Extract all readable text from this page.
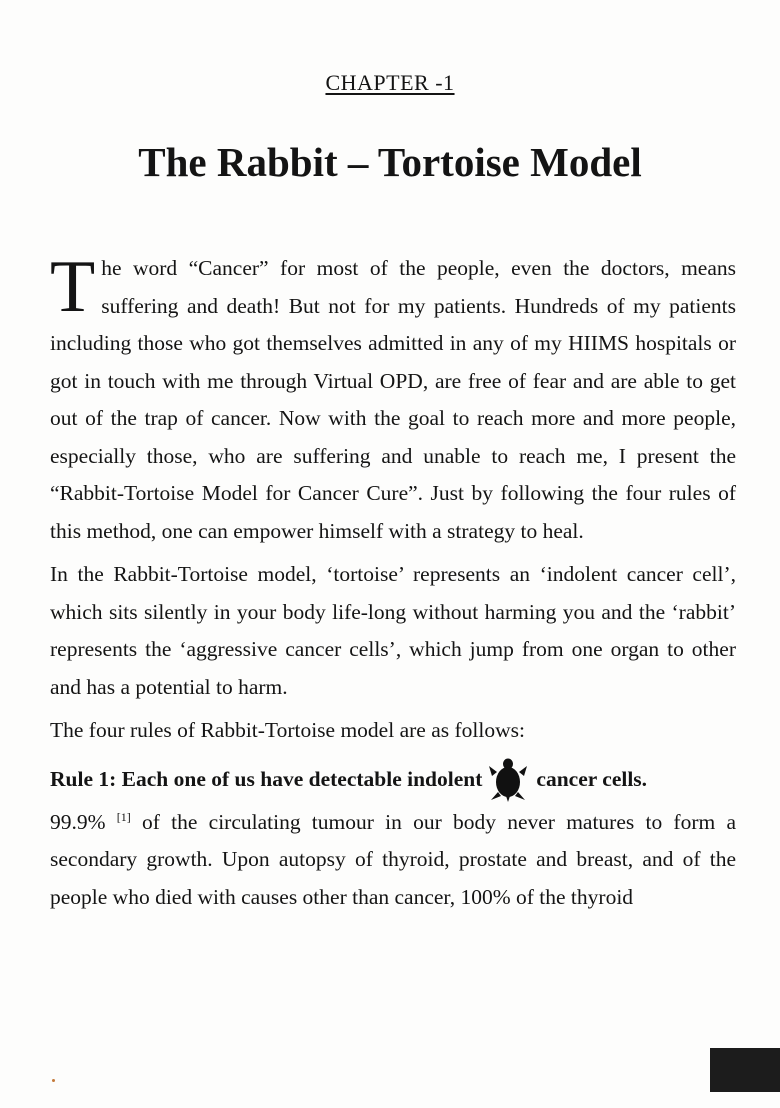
CHAPTER -1
The Rabbit – Tortoise Model

The word “Cancer” for most of the people, even the doctors, means suffering and death! But not for my patients. Hundreds of my patients including those who got themselves admitted in any of my HIIMS hospitals or got in touch with me through Virtual OPD, are free of fear and are able to get out of the trap of cancer. Now with the goal to reach more and more people, especially those, who are suffering and unable to reach me, I present the “Rabbit-Tortoise Model for Cancer Cure”. Just by following the four rules of this method, one can empower himself with a strategy to heal.

In the Rabbit-Tortoise model, ‘tortoise’ represents an ‘indolent cancer cell’, which sits silently in your body life-long without harming you and the ‘rabbit’ represents the ‘aggressive cancer cells’, which jump from one organ to other and has a potential to harm.

The four rules of Rabbit-Tortoise model are as follows:

Rule 1:
Each one of us have detectable indolent	cancer cells.

99.9% [1] of the circulating tumour in our body never matures to form a secondary growth. Upon autopsy of thyroid, prostate and breast, and of the people who died with causes other than cancer, 100% of the thyroid
